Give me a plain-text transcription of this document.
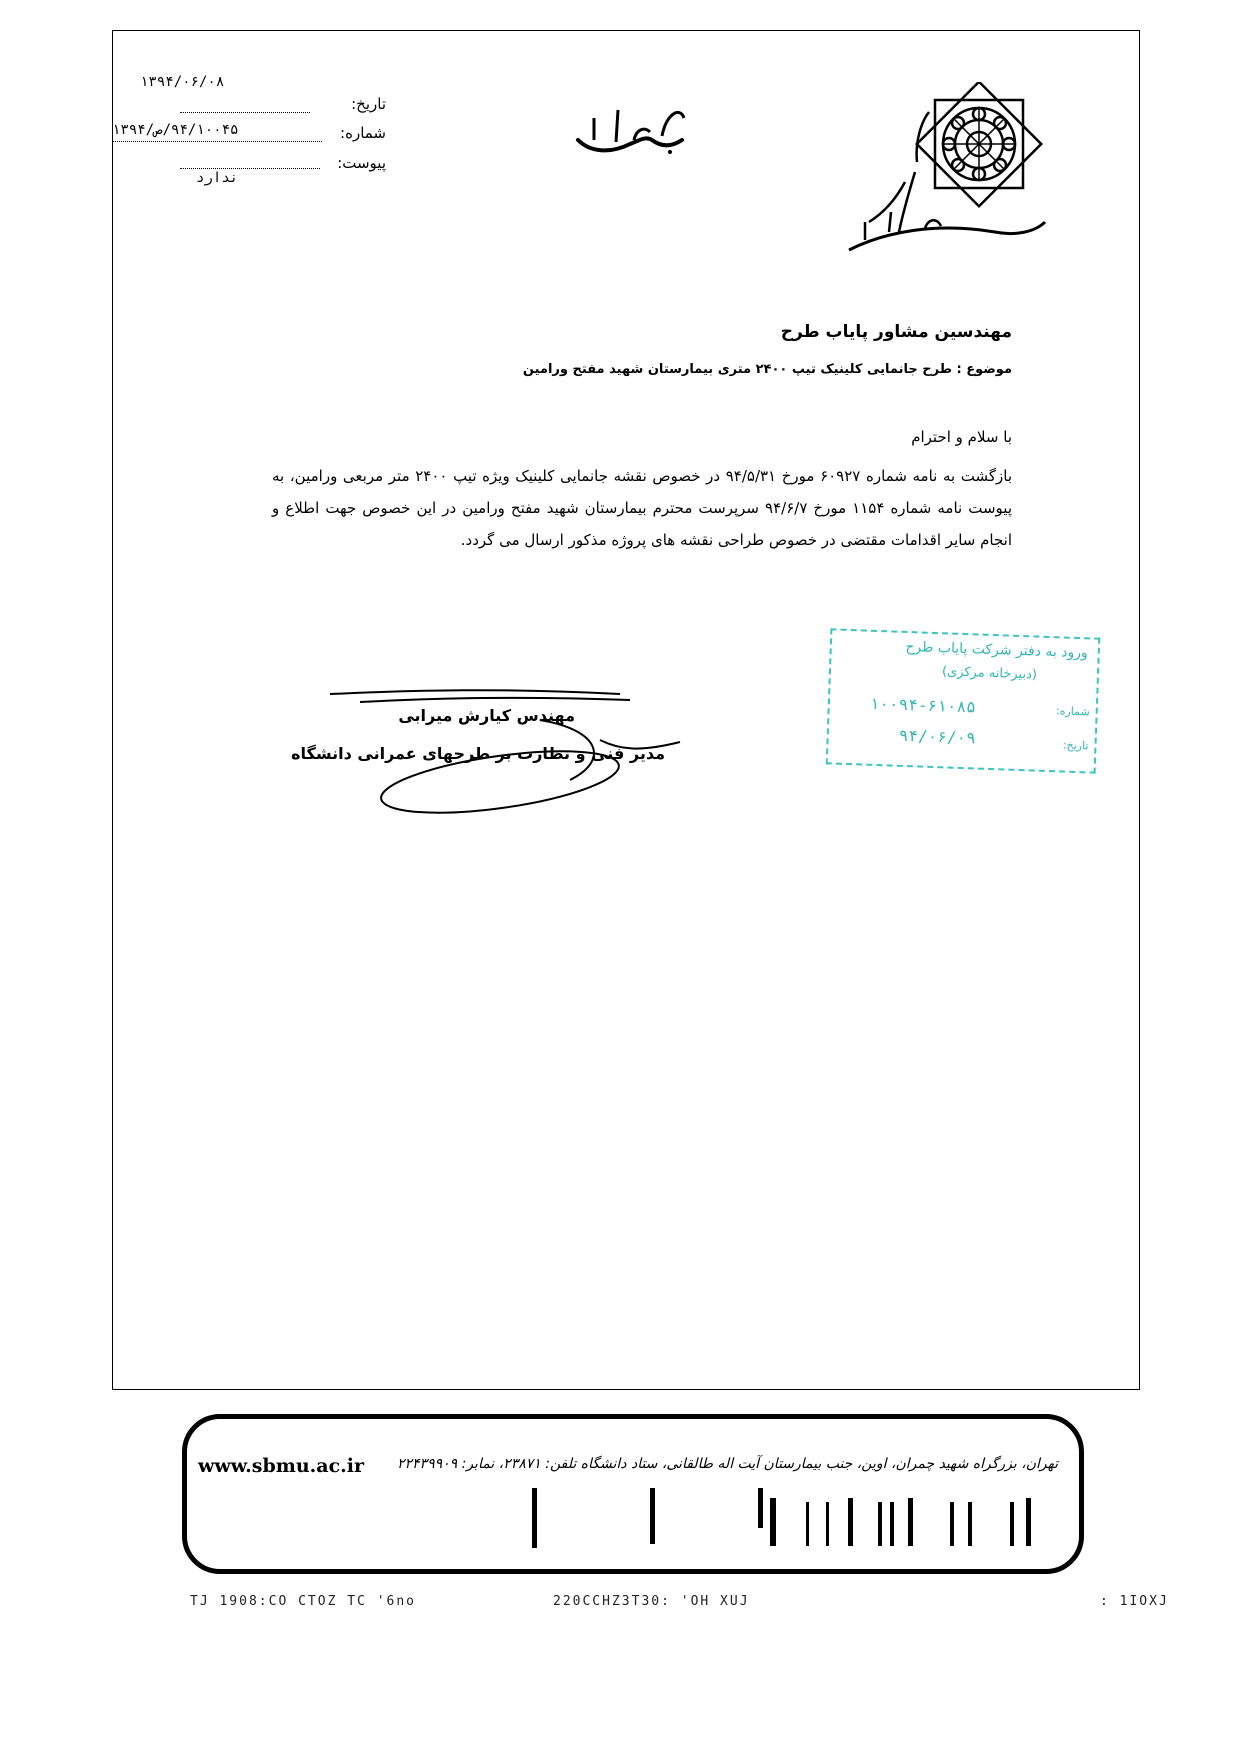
تاریخ:
۱۳۹۴/۰۶/۰۸
شماره:
۹۴/۱۰۰۴۵/ص/۱۳۹۴
پیوست:
ندارد
مهندسین مشاور پایاب طرح
موضوع : طرح جانمایی کلینیک تیپ ۲۴۰۰ متری بیمارستان شهید مفتح ورامین
با سلام و احترام
بازگشت به نامه شماره ۶۰۹۲۷ مورخ ۹۴/۵/۳۱ در خصوص نقشه جانمایی کلینیک ویژه تیپ ۲۴۰۰ متر مربعی ورامین، به پیوست نامه شماره ۱۱۵۴ مورخ ۹۴/۶/۷ سرپرست محترم بیمارستان شهید مفتح ورامین در این خصوص جهت اطلاع و انجام سایر اقدامات مقتضی در خصوص طراحی نقشه های پروژه مذکور ارسال می گردد.
ورود به دفتر شرکت پایاب طرح
(دبیرخانه مرکزی)
شماره:
۱۰۰۹۴-۶۱۰۸۵
تاریخ:
۹۴/۰۶/۰۹
مهندس کیارش میرابی
مدیر فنی و نظارت بر طرحهای عمرانی دانشگاه
www.sbmu.ac.ir	تهران، بزرگراه شهید چمران، اوین، جنب بیمارستان آیت اله طالقانی، ستاد دانشگاه تلفن: ۲۳۸۷۱، نمابر: ۲۲۴۳۹۹۰۹
TJ 1908:CO CTOZ TC '6no	220CCHZ3T30: 'OH XUJ	: 1IOXJ
